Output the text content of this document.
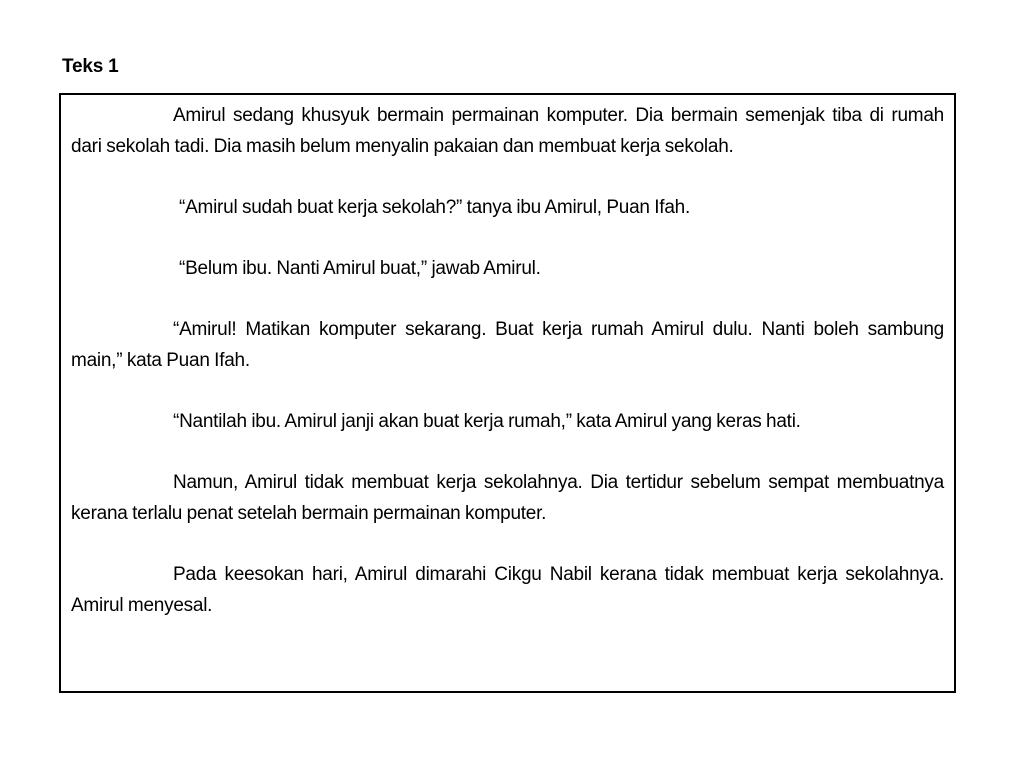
Teks 1

Amirul sedang khusyuk bermain permainan komputer. Dia bermain semenjak tiba di rumah dari sekolah tadi. Dia masih belum menyalin pakaian dan membuat kerja sekolah.

“Amirul sudah buat kerja sekolah?” tanya ibu Amirul, Puan Ifah.

“Belum ibu. Nanti Amirul buat,” jawab Amirul.

“Amirul! Matikan komputer sekarang. Buat kerja rumah Amirul dulu. Nanti boleh sambung main,” kata Puan Ifah.

“Nantilah ibu. Amirul janji akan buat kerja rumah,” kata Amirul yang keras hati.

Namun, Amirul tidak membuat kerja sekolahnya. Dia tertidur sebelum sempat membuatnya kerana terlalu penat setelah bermain permainan komputer.

Pada keesokan hari, Amirul dimarahi Cikgu Nabil kerana tidak membuat kerja sekolahnya. Amirul menyesal.
